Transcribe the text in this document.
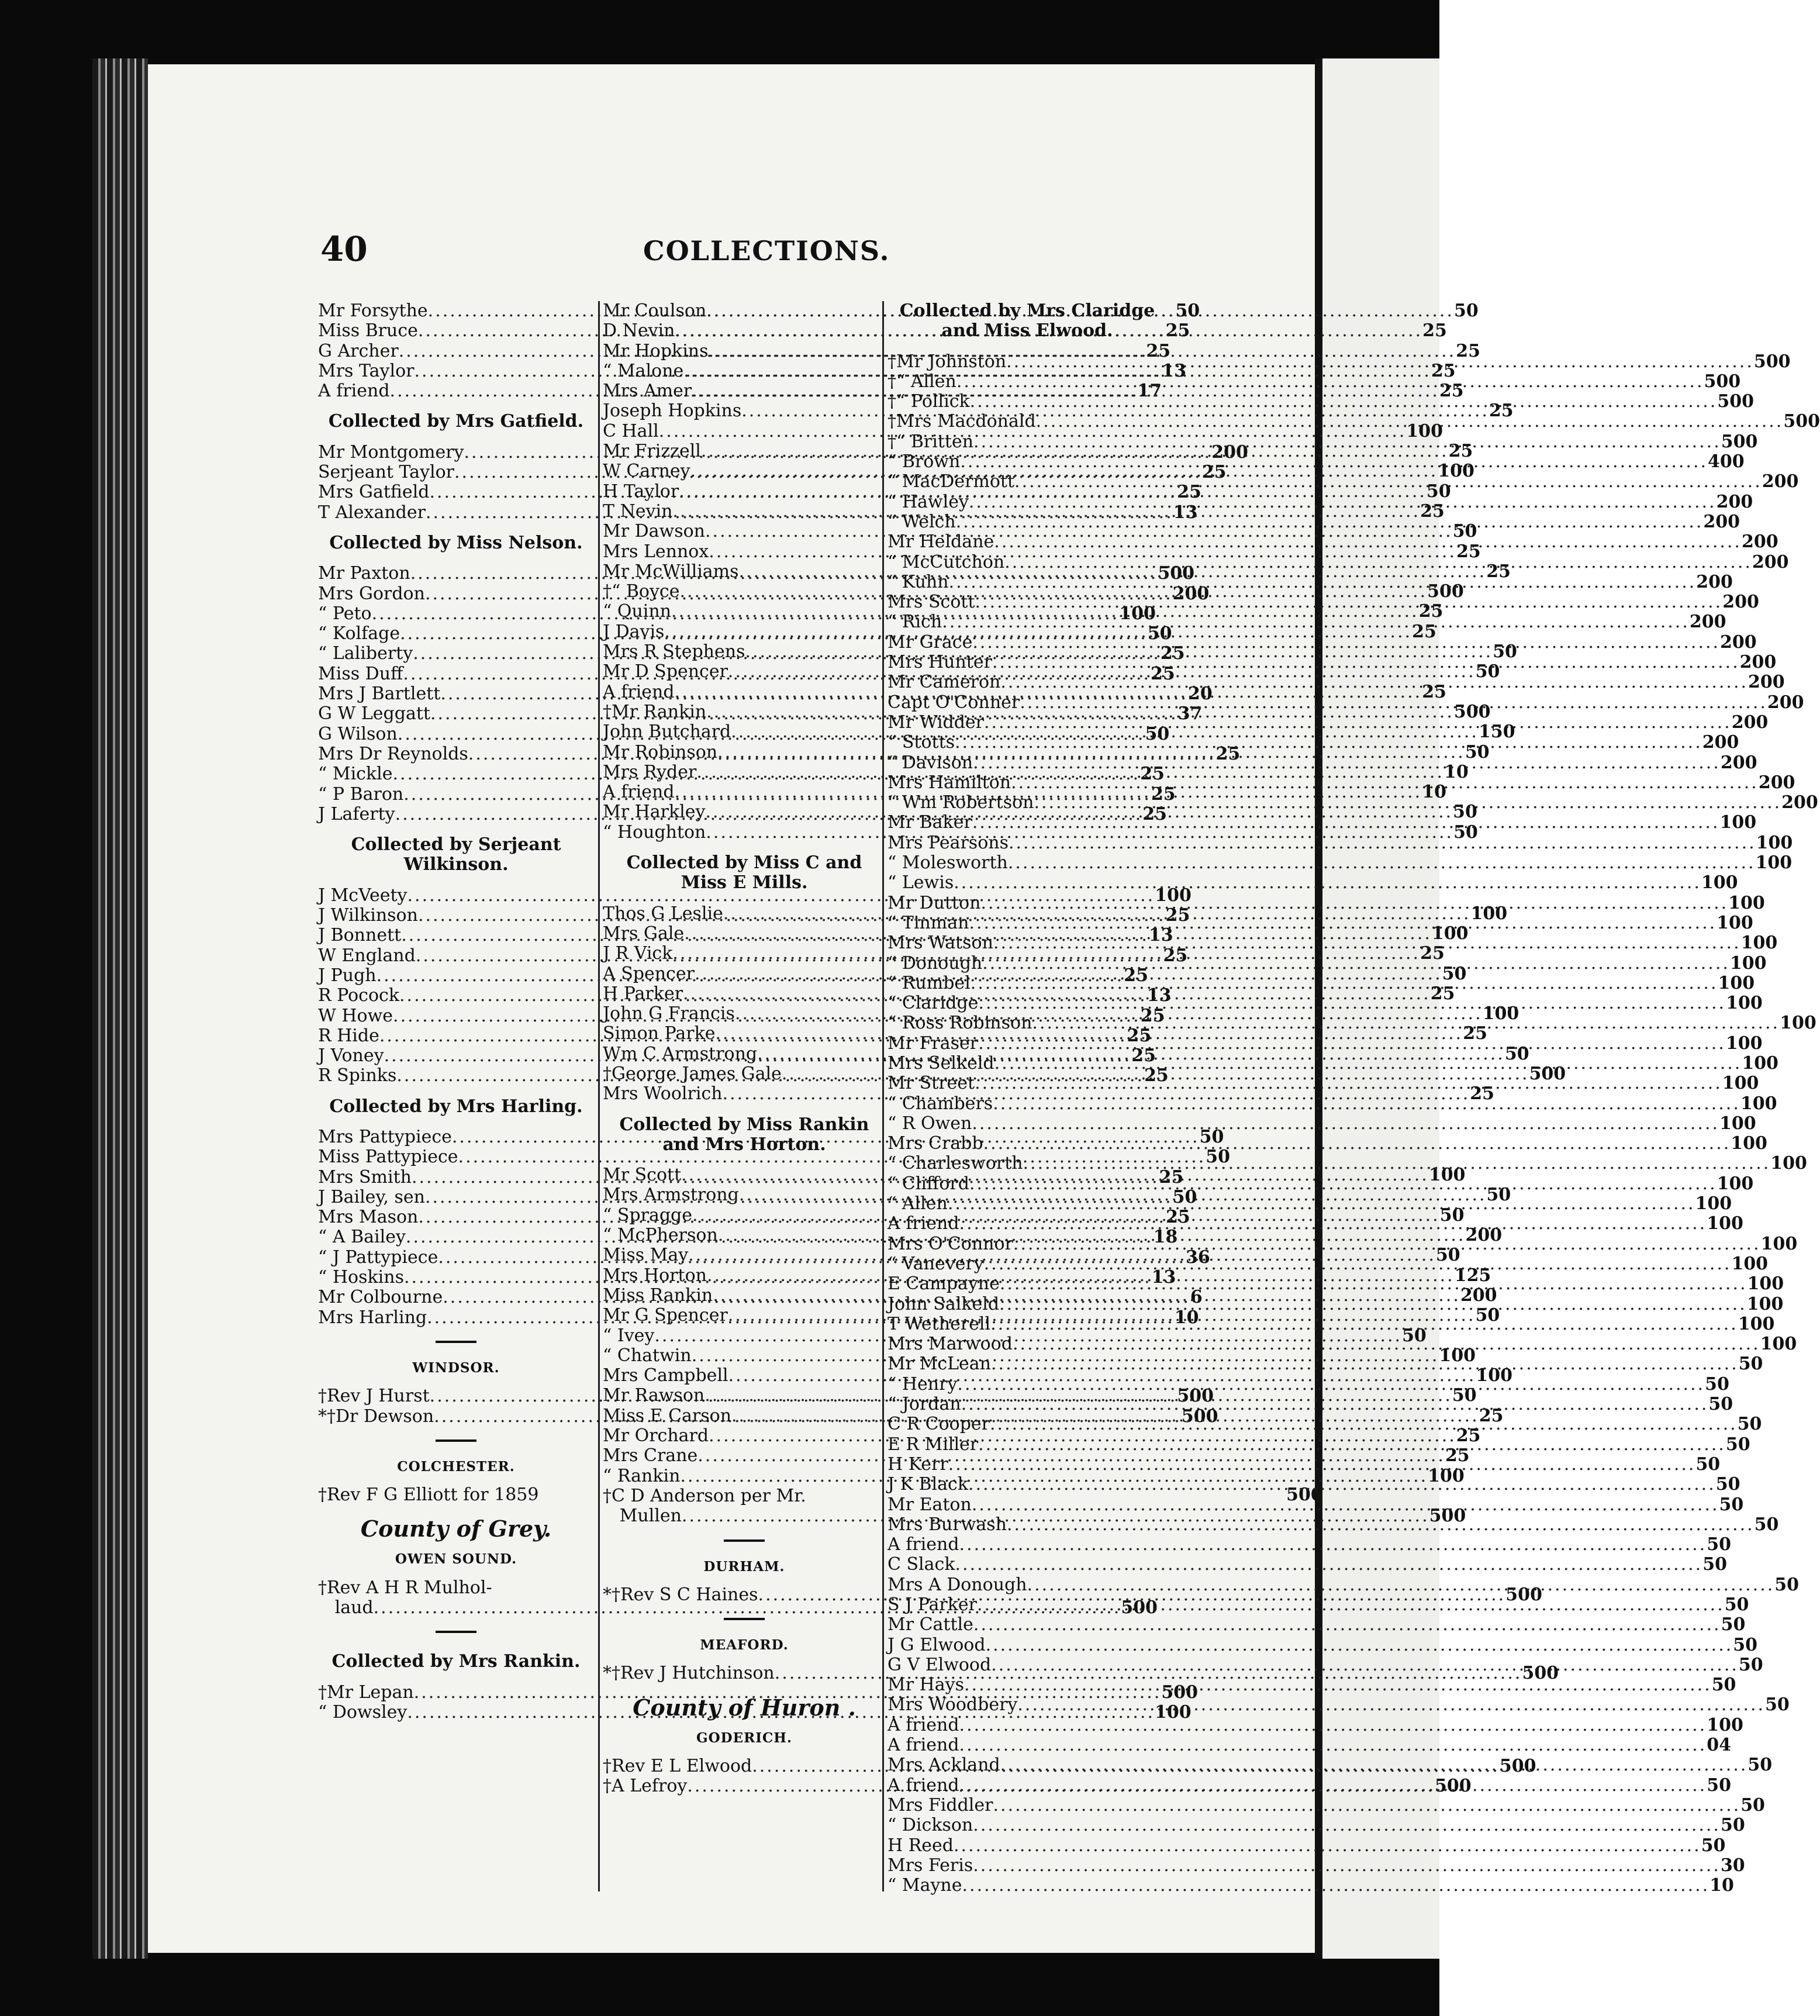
40	COLLECTIONS.
Mr Forsythe .....	50
Miss Bruce .....	25
G Archer .....	25
Mrs Taylor .....	13
A friend .....	17
Collected by Mrs Gatfield.
Mr Montgomery .....	2 00
Serjeant Taylor .....	25
Mrs Gatfield .....	25
T Alexander .....	13
Collected by Miss Nelson.
Mr Paxton .....	5 00
Mrs Gordon .....	2 00
“ Peto .....	1 00
“ Kolfage .....	50
“ Laliberty .....	25
Miss Duff .....	25
Mrs J Bartlett .....	20
G W Leggatt .....	37
G Wilson .....	50
Mrs Dr Reynolds .....	25
“ Mickle .....	25
“ P Baron .....	25
J Laferty .....	25
Collected by Serjeant Wilkinson.
J McVeety .....	1 00
J Wilkinson .....	25
J Bonnett .....	13
W England .....	25
J Pugh .....	25
R Pocock .....	13
W Howe .....	25
R Hide .....	25
J Voney .....	25
R Spinks .....	25
Collected by Mrs Harling.
Mrs Pattypiece .....	50
Miss Pattypiece .....	50
Mrs Smith .....	25
J Bailey, sen .....	50
Mrs Mason .....	25
“ A Bailey .....	18
“ J Pattypiece .....	36
“ Hoskins .....	13
Mr Colbourne .....	6
Mrs Harling .....	10
WINDSOR.
†Rev J Hurst .....	5 00
*†Dr Dewson .....	5 00
COLCHESTER.
†Rev F G Elliott for 1859	5 00
County of Grey.
OWEN SOUND.
†Rev A H R Mulhol-
laud .....	5 00
Collected by Mrs Rankin.
†Mr Lepan .....	5 00
“ Dowsley .....	1 00
Mr Coulson .....	50
D Nevin .....	25
Mr Hopkins .....	25
“ Malone .....	25
Mrs Amer .....	25
Joseph Hopkins .....	25
C Hall .....	1 00
Mr Frizzell .....	25
W Carney .....	1 00
H Taylor .....	50
T Nevin .....	25
Mr Dawson .....	50
Mrs Lennox .....	25
Mr McWilliams .....	25
†“ Boyce .....	5 00
“ Quinn .....	25
J Davis .....	25
Mrs R Stephens .....	50
Mr D Spencer .....	50
A friend .....	25
†Mr Rankin .....	5 00
John Butchard .....	1 50
Mr Robinson .....	50
Mrs Ryder .....	10
A friend .....	10
Mr Harkley .....	50
“ Houghton .....	50
Collected by Miss C and Miss E Mills.
Thos G Leslie .....	1 00
Mrs Gale .....	1 00
J R Vick .....	25
A Spencer .....	50
H Parker .....	25
John G Francis .....	1 00
Simon Parke .....	25
Wm C Armstrong .....	50
†George James Gale .....	5 00
Mrs Woolrich .....	25
Collected by Miss Rankin and Mrs Horton.
Mr Scott .....	1 00
Mrs Armstrong .....	50
“ Spragge .....	50
“ McPherson .....	2 00
Miss May .....	50
Mrs Horton .....	1 25
Miss Rankin .....	2 00
Mr G Spencer .....	50
“ Ivey .....	50
“ Chatwin .....	1 00
Mrs Campbell .....	1 00
Mr Rawson .....	50
Miss E Carson .....	25
Mr Orchard .....	25
Mrs Crane .....	25
“ Rankin .....	1 00
†C D Anderson per Mr.
Mullen .....	5 00
DURHAM.
*†Rev S C Haines .....	5 00
MEAFORD.
*†Rev J Hutchinson .....	5 00
County of Huron .
GODERICH.
†Rev E L Elwood .....	5 00
†A Lefroy .....	5 00
Collected by Mrs Claridge and Miss Elwood.
†Mr Johnston .....	5 00
†“ Allen .....	5 00
†“ Pollick .....	5 00
†Mrs Macdonald .....	5 00
†“ Britten .....	5 00
“ Brown .....	4 00
“ MacDermott .....	2 00
“ Hawley .....	2 00
“ Welch .....	2 00
Mr Heldane .....	2 00
“ McCutchon .....	2 00
“ Kuhn .....	2 00
Mrs Scott .....	2 00
“ Rich .....	2 00
Mr Grace .....	2 00
Mrs Hunter .....	2 00
Mr Cameron .....	2 00
Capt O'Conner .....	2 00
Mr Widder .....	2 00
“ Stotts .....	2 00
“ Davison .....	2 00
Mrs Hamilton .....	2 00
“ Wm Robertson .....	2 00
Mr Baker .....	1 00
Mrs Pearsons .....	1 00
“ Molesworth .....	1 00
“ Lewis .....	1 00
Mr Dutton .....	1 00
“ Tinman .....	1 00
Mrs Watson .....	1 00
“ Donough .....	1 00
“ Rumbel .....	1 00
“ Claridge .....	1 00
“ Ross Robinson .....	1 00
Mr Fraser .....	1 00
Mrs Selkeld .....	1 00
Mr Street .....	1 00
“ Chambers .....	1 00
“ R Owen .....	1 00
Mrs Crabb .....	1 00
“ Charlesworth .....	1 00
“ Clifford .....	1 00
“ Allen .....	1 00
A friend .....	1 00
Mrs O'Connor .....	1 00
“ Vanevery .....	1 00
E Campayne .....	1 00
John Salkeld .....	1 00
T Wetherell .....	1 00
Mrs Marwood .....	1 00
Mr McLean .....	50
“ Henry .....	50
“ Jordan .....	50
C R Cooper .....	50
E R Miller .....	50
H Kerr .....	50
J K Black .....	50
Mr Eaton .....	50
Mrs Burwash .....	50
A friend .....	50
C Slack .....	50
Mrs A Donough .....	50
S J Parker .....	50
Mr Cattle .....	50
J G Elwood .....	50
G V Elwood .....	50
Mr Hays .....	50
Mrs Woodbery .....	50
A friend .....	1 00
A friend .....	04
Mrs Ackland .....	50
A friend .....	50
Mrs Fiddler .....	50
“ Dickson .....	50
H Reed .....	50
Mrs Feris .....	30
“ Mayne .....	10
